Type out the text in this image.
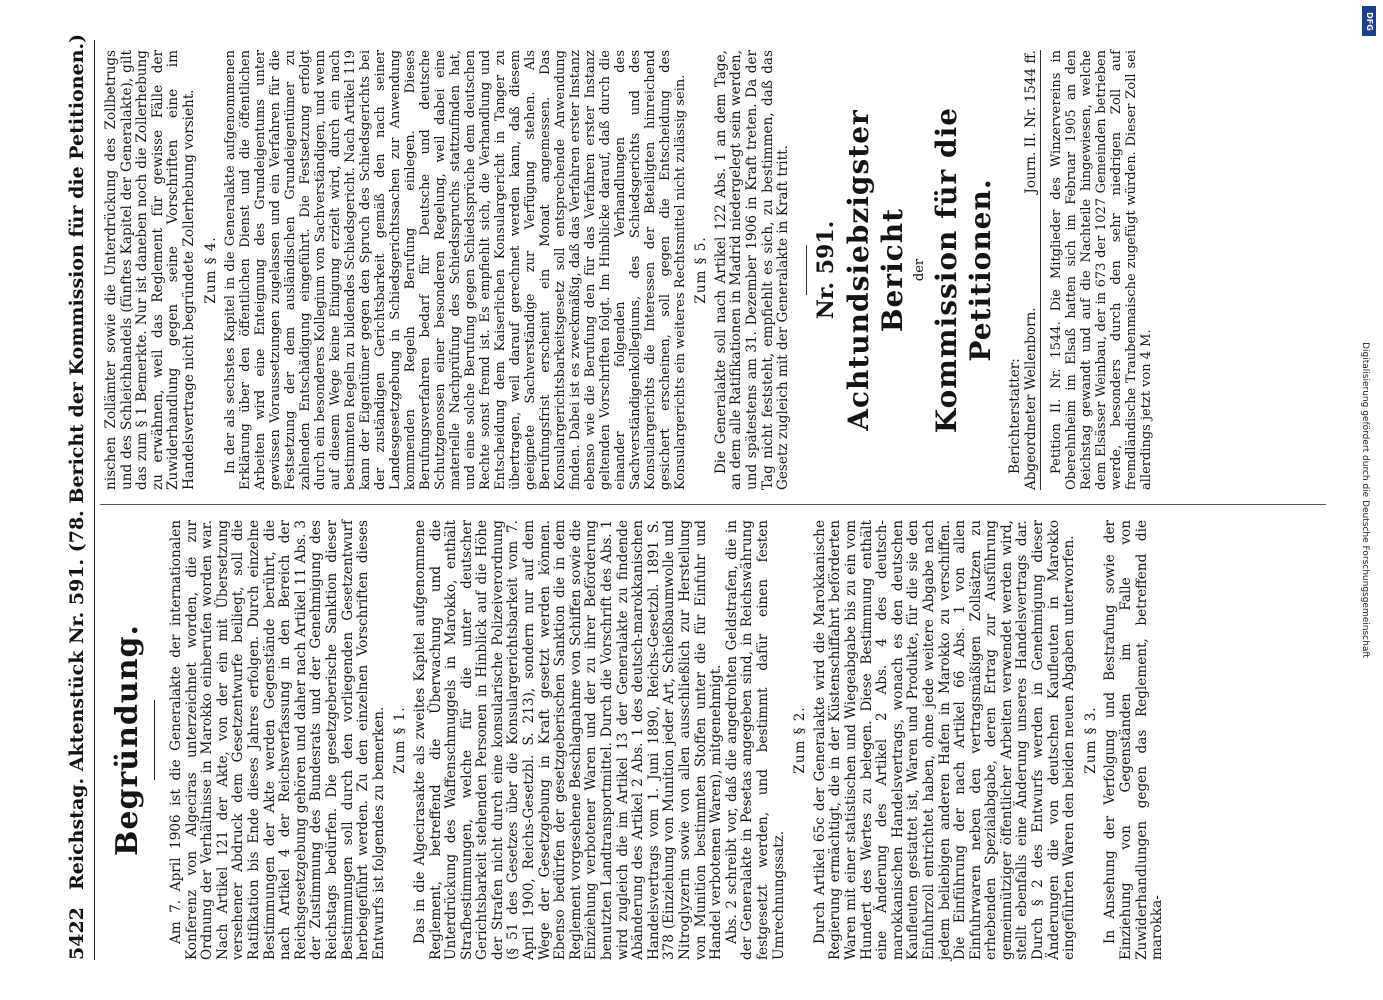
5422
Reichstag. Aktenstück Nr. 591. (78. Bericht der Kommission für die Petitionen.) Begründung. Am 7. April 1906 ist die Generalakte der internationalen Konferenz von Algeciras unterzeichnet worden, die zur Ordnung der Verhältnisse in Marokko einberufen worden war. Nach Artikel 121 der Akte, von der ein mit Übersetzung versehener Abdruck dem Gesetzentwurfe beiliegt, soll die Ratifikation bis Ende dieses Jahres erfolgen. Durch einzelne Bestimmungen der Akte werden Gegenstände berührt, die nach Artikel 4 der Reichsverfassung in den Bereich der Reichsgesetzgebung gehören und daher nach Artikel 11 Abs. 3 der Zustimmung des Bundesrats und der Genehmigung des Reichstags bedürfen. Die gesetzgeberische Sanktion dieser Bestimmungen soll durch den vorliegenden Gesetzentwurf herbeigeführt werden. Zu den einzelnen Vorschriften dieses Entwurfs ist folgendes zu bemerken. Zum § 1. Das in die Algecirasakte als zweites Kapitel aufgenommene Reglement, betreffend die Überwachung und die Unterdrückung des Waffenschmuggels in Marokko, enthält Strafbestimmungen, welche für die unter deutscher Gerichtsbarkeit stehenden Personen in Hinblick auf die Höhe der Strafen nicht durch eine konsularische Polizeiverordnung (§ 51 des Gesetzes über die Konsulargerichtsbarkeit vom 7. April 1900, Reichs-Gesetzbl. S. 213), sondern nur auf dem Wege der Gesetzgebung in Kraft gesetzt werden können. Ebenso bedürfen der gesetzgeberischen Sanktion die in dem Reglement vorgesehene Beschlagnahme von Schiffen sowie die Einziehung verbotener Waren und der zu ihrer Beförderung benutzten Landtransportmittel. Durch die Vorschrift des Abs. 1 wird zugleich die im Artikel 13 der Generalakte zu findende Abänderung des Artikel 2 Abs. 1 des deutsch-marokkanischen Handelsvertrags vom 1. Juni 1890, Reichs-Gesetzbl. 1891 S. 378 (Einziehung von Munition jeder Art, Schießbaumwolle und Nitroglyzerin sowie von allen ausschließlich zur Herstellung von Munition bestimmten Stoffen unter die für Einfuhr und Handel verbotenen Waren), mitgenehmigt. Abs. 2 schreibt vor, daß die angedrohten Geldstrafen, die in der Generalakte in Pesetas angegeben sind, in Reichswährung festgesetzt werden, und bestimmt dafür einen festen Umrechnungssatz.

Zum § 2. Durch Artikel 65c der Generalakte wird die Marokkanische Regierung ermächtigt, die in der Küstenschiffahrt beförderten Waren mit einer statistischen und Wiegeabgabe bis zu ein vom Hundert des Wertes zu belegen. Diese Bestimmung enthält eine Änderung des Artikel 2 Abs. 4 des deutsch-marokkanischen Handelsvertrags, wonach es den deutschen Kaufleuten gestattet ist, Waren und Produkte, für die sie den Einfuhrzoll entrichtet haben, ohne jede weitere Abgabe nach jedem beliebigen anderen Hafen in Marokko zu verschiffen. Die Einführung der nach Artikel 66 Abs. 1 von allen Einfuhrwaren neben den vertragsmäßigen Zollsätzen zu erhebenden Spezialabgabe, deren Ertrag zur Ausführung gemeinnütziger öffentlicher Arbeiten verwendet werden wird, stellt ebenfalls eine Änderung unseres Handelsvertrags dar. Durch § 2 des Entwurfs werden in Genehmigung dieser Änderungen die von deutschen Kaufleuten in Marokko eingeführten Waren den beiden neuen Abgaben unterworfen. Zum § 3. In Ansehung der Verfolgung und Bestrafung sowie der Einziehung von Gegenständen im Falle von Zuwiderhandlungen gegen das Reglement, betreffend die marokka-

nischen Zollämter sowie die Unterdrückung des Zollbetrugs und des Schleichhandels (fünftes Kapitel der Generalakte), gilt das zum § 1 Bemerkte. Nur ist daneben noch die Zollerhebung zu erwähnen, weil das Reglement für gewisse Fälle der Zuwiderhandlung gegen seine Vorschriften eine im Handelsvertrage nicht begründete Zollerhebung vorsieht. Zum § 4. In der als sechstes Kapitel in die Generalakte aufgenommenen Erklärung über den öffentlichen Dienst und die öffentlichen Arbeiten wird eine Enteignung des Grundeigentums unter gewissen Voraussetzungen zugelassen und ein Verfahren für die Festsetzung der dem ausländischen Grundeigentümer zu zahlenden Entschädigung eingeführt. Die Festsetzung erfolgt durch ein besonderes Kollegium von Sachverständigen, und wenn auf diesem Wege keine Einigung erzielt wird, durch ein nach bestimmten Regeln zu bildendes Schiedsgericht. Nach Artikel 119 kann der Eigentümer gegen den Spruch des Schiedsgerichts bei der zuständigen Gerichtsbarkeit gemäß den nach seiner Landesgesetzgebung in Schiedsgerichtssachen zur Anwendung kommenden Regeln Berufung einlegen. Dieses Berufungsverfahren bedarf für Deutsche und deutsche Schutzgenossen einer besonderen Regelung, weil dabei eine materielle Nachprüfung des Schiedsspruchs stattzufinden hat, und eine solche Berufung gegen Schiedssprüche dem deutschen Rechte sonst fremd ist. Es empfiehlt sich, die Verhandlung und Entscheidung dem Kaiserlichen Konsulargericht in Tanger zu übertragen, weil darauf gerechnet werden kann, daß diesem geeignete Sachverständige zur Verfügung stehen. Als Berufungsfrist erscheint ein Monat angemessen. Das Konsulargerichtsbarkeitsgesetz soll entsprechende Anwendung finden. Dabei ist es zweckmäßig, daß das Verfahren erster Instanz ebenso wie die Berufung den für das Verfahren erster Instanz geltenden Vorschriften folgt. Im Hinblicke darauf, daß durch die einander folgenden Verhandlungen des Sachverständigenkollegiums, des Schiedsgerichts und des Konsulargerichts die Interessen der Beteiligten hinreichend gesichert erscheinen, soll gegen die Entscheidung des Konsulargerichts ein weiteres Rechtsmittel nicht zulässig sein. Zum § 5. Die Generalakte soll nach Artikel 122 Abs. 1 an dem Tage, an dem alle Ratifikationen in Madrid niedergelegt sein werden, und spätestens am 31. Dezember 1906 in Kraft treten. Da der Tag nicht feststeht, empfiehlt es sich, zu bestimmen, daß das Gesetz zugleich mit der Generalakte in Kraft tritt. Nr. 591. Achtundsiebzigster Bericht der Kommission für die Petitionen.

Berichterstatter: Abgeordneter Wellenborn.
Journ. II. Nr. 1544 ff. Petition II. Nr. 1544. Die Mitglieder des Winzervereins in Oberehnheim im Elsaß hatten sich im Februar 1905 an den Reichstag gewandt und auf die Nachteile hingewiesen, welche dem Elsässer Weinbau, der in 673 der 1027 Gemeinden betrieben werde, besonders durch den sehr niedrigen Zoll auf fremdländische Traubenmaische zugefügt würden. Dieser Zoll sei allerdings jetzt von 4 M.

DFG
Digitalisierung gefördert durch die Deutsche Forschungsgemeinschaft
